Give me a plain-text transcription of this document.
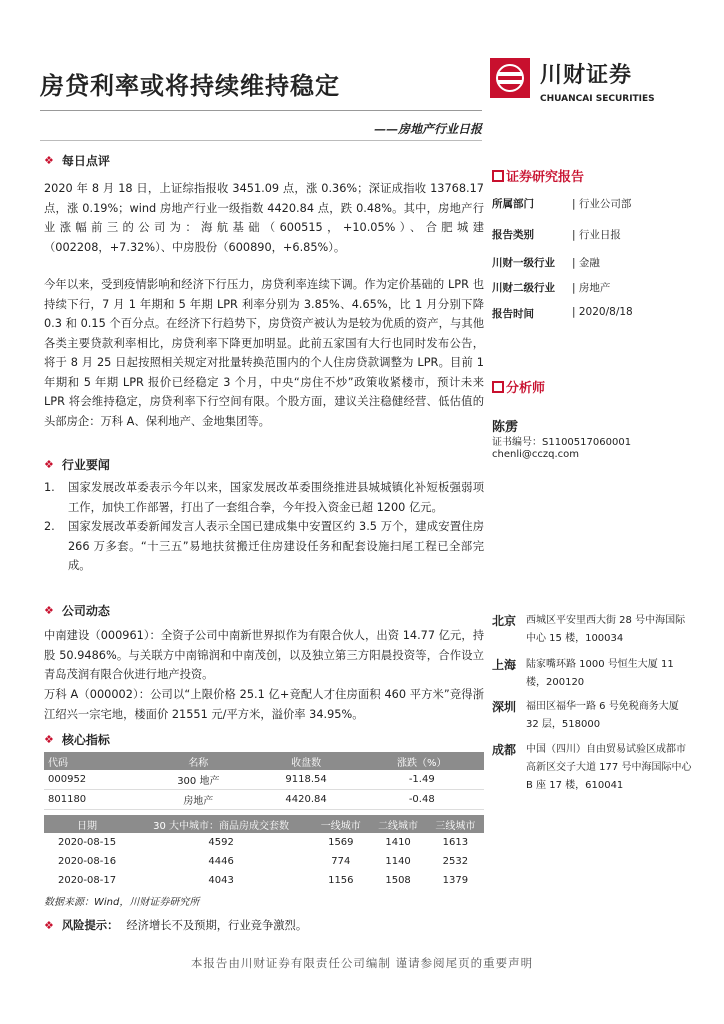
房贷利率或将持续维持稳定	川财证券
CHUANCAI SECURITIES
——房地产行业日报
❖ 每日点评
2020 年 8 月 18 日，上证综指报收 3451.09 点，涨 0.36%；深证成指收 13768.17 点，涨 0.19%；wind 房地产行业一级指数 4420.84 点，跌 0.48%。其中，房地产行业涨幅前三的公司为：海航基础（600515，+10.05%）、合肥城建（002208，+7.32%）、中房股份（600890，+6.85%）。
今年以来，受到疫情影响和经济下行压力，房贷利率连续下调。作为定价基础的 LPR 也持续下行，7 月 1 年期和 5 年期 LPR 利率分别为 3.85%、4.65%，比 1 月分别下降 0.3 和 0.15 个百分点。在经济下行趋势下，房贷资产被认为是较为优质的资产，与其他各类主要贷款利率相比，房贷利率下降更加明显。此前五家国有大行也同时发布公告，将于 8 月 25 日起按照相关规定对批量转换范围内的个人住房贷款调整为 LPR。目前 1 年期和 5 年期 LPR 报价已经稳定 3 个月，中央“房住不炒”政策收紧楼市，预计未来 LPR 将会维持稳定，房贷利率下行空间有限。个股方面，建议关注稳健经营、低估值的头部房企：万科 A、保利地产、金地集团等。
❖ 行业要闻
1.	国家发展改革委表示今年以来，国家发展改革委围绕推进县城城镇化补短板强弱项工作，加快工作部署，打出了一套组合拳，今年投入资金已超 1200 亿元。
2.	国家发展改革委新闻发言人表示全国已建成集中安置区约 3.5 万个，建成安置住房 266 万多套。“十三五”易地扶贫搬迁住房建设任务和配套设施扫尾工程已全部完成。
❖ 公司动态
中南建设（000961）：全资子公司中南新世界拟作为有限合伙人，出资 14.77 亿元，持股 50.9486%。与关联方中南锦润和中南茂创，以及独立第三方阳晨投资等，合作设立青岛茂润有限合伙进行地产投资。
万科 A（000002）：公司以“上限价格 25.1 亿+竞配人才住房面积 460 平方米”竞得浙江绍兴一宗宅地，楼面价 21551 元/平方米，溢价率 34.95%。
❖ 核心指标
代码	名称	收盘数	涨跌（%）
000952	300 地产	9118.54	-1.49
801180	房地产	4420.84	-0.48
日期	30 大中城市：商品房成交套数	一线城市	二线城市	三线城市
2020-08-15	4592	1569	1410	1613
2020-08-16	4446	774	1140	2532
2020-08-17	4043	1156	1508	1379
数据来源：Wind，川财证券研究所
❖ 风险提示： 经济增长不及预期，行业竞争激烈。
本报告由川财证券有限责任公司编制 谨请参阅尾页的重要声明
证券研究报告
所属部门	| 行业公司部
报告类别	| 行业日报
川财一级行业	| 金融
川财二级行业	| 房地产
报告时间	| 2020/8/18
分析师
陈雳
证书编号：S1100517060001
chenli@cczq.com
北京 西城区平安里西大街 28 号中海国际中心 15 楼，100034
上海 陆家嘴环路 1000 号恒生大厦 11 楼，200120
深圳 福田区福华一路 6 号免税商务大厦 32 层，518000
成都 中国（四川）自由贸易试验区成都市高新区交子大道 177 号中海国际中心 B 座 17 楼，610041
